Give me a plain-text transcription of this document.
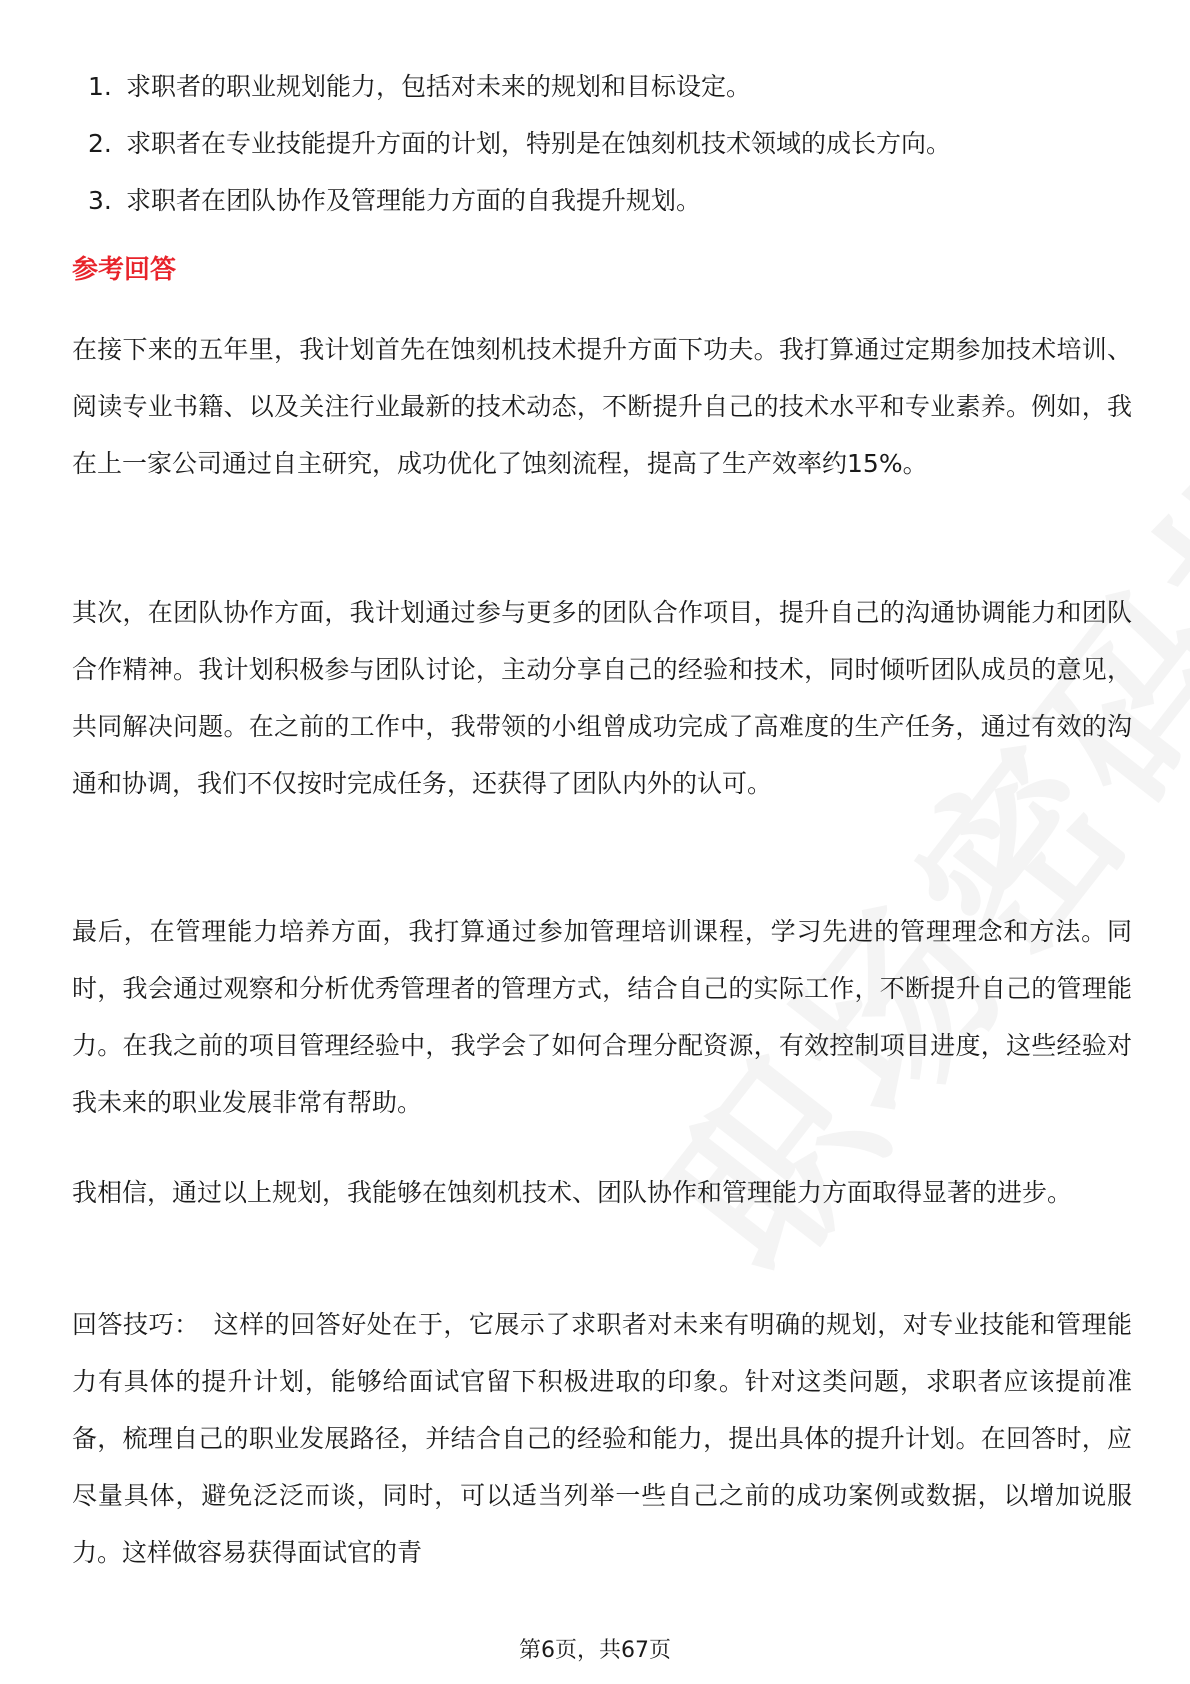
1. 求职者的职业规划能力，包括对未来的规划和目标设定。
2. 求职者在专业技能提升方面的计划，特别是在蚀刻机技术领域的成长方向。
3. 求职者在团队协作及管理能力方面的自我提升规划。
参考回答

在接下来的五年里，我计划首先在蚀刻机技术提升方面下功夫。我打算通过定期参加技术培训、阅读专业书籍、以及关注行业最新的技术动态，不断提升自己的技术水平和专业素养。例如，我在上一家公司通过自主研究，成功优化了蚀刻流程，提高了生产效率约15%。

其次，在团队协作方面，我计划通过参与更多的团队合作项目，提升自己的沟通协调能力和团队合作精神。我计划积极参与团队讨论，主动分享自己的经验和技术，同时倾听团队成员的意见，共同解决问题。在之前的工作中，我带领的小组曾成功完成了高难度的生产任务，通过有效的沟通和协调，我们不仅按时完成任务，还获得了团队内外的认可。

最后，在管理能力培养方面，我打算通过参加管理培训课程，学习先进的管理理念和方法。同时，我会通过观察和分析优秀管理者的管理方式，结合自己的实际工作，不断提升自己的管理能力。在我之前的项目管理经验中，我学会了如何合理分配资源，有效控制项目进度，这些经验对我未来的职业发展非常有帮助。

我相信，通过以上规划，我能够在蚀刻机技术、团队协作和管理能力方面取得显著的进步。

回答技巧： 这样的回答好处在于，它展示了求职者对未来有明确的规划，对专业技能和管理能力有具体的提升计划，能够给面试官留下积极进取的印象。针对这类问题，求职者应该提前准备，梳理自己的职业发展路径，并结合自己的经验和能力，提出具体的提升计划。在回答时，应尽量具体，避免泛泛而谈，同时，可以适当列举一些自己之前的成功案例或数据，以增加说服力。这样做容易获得面试官的青

第6页，共67页
